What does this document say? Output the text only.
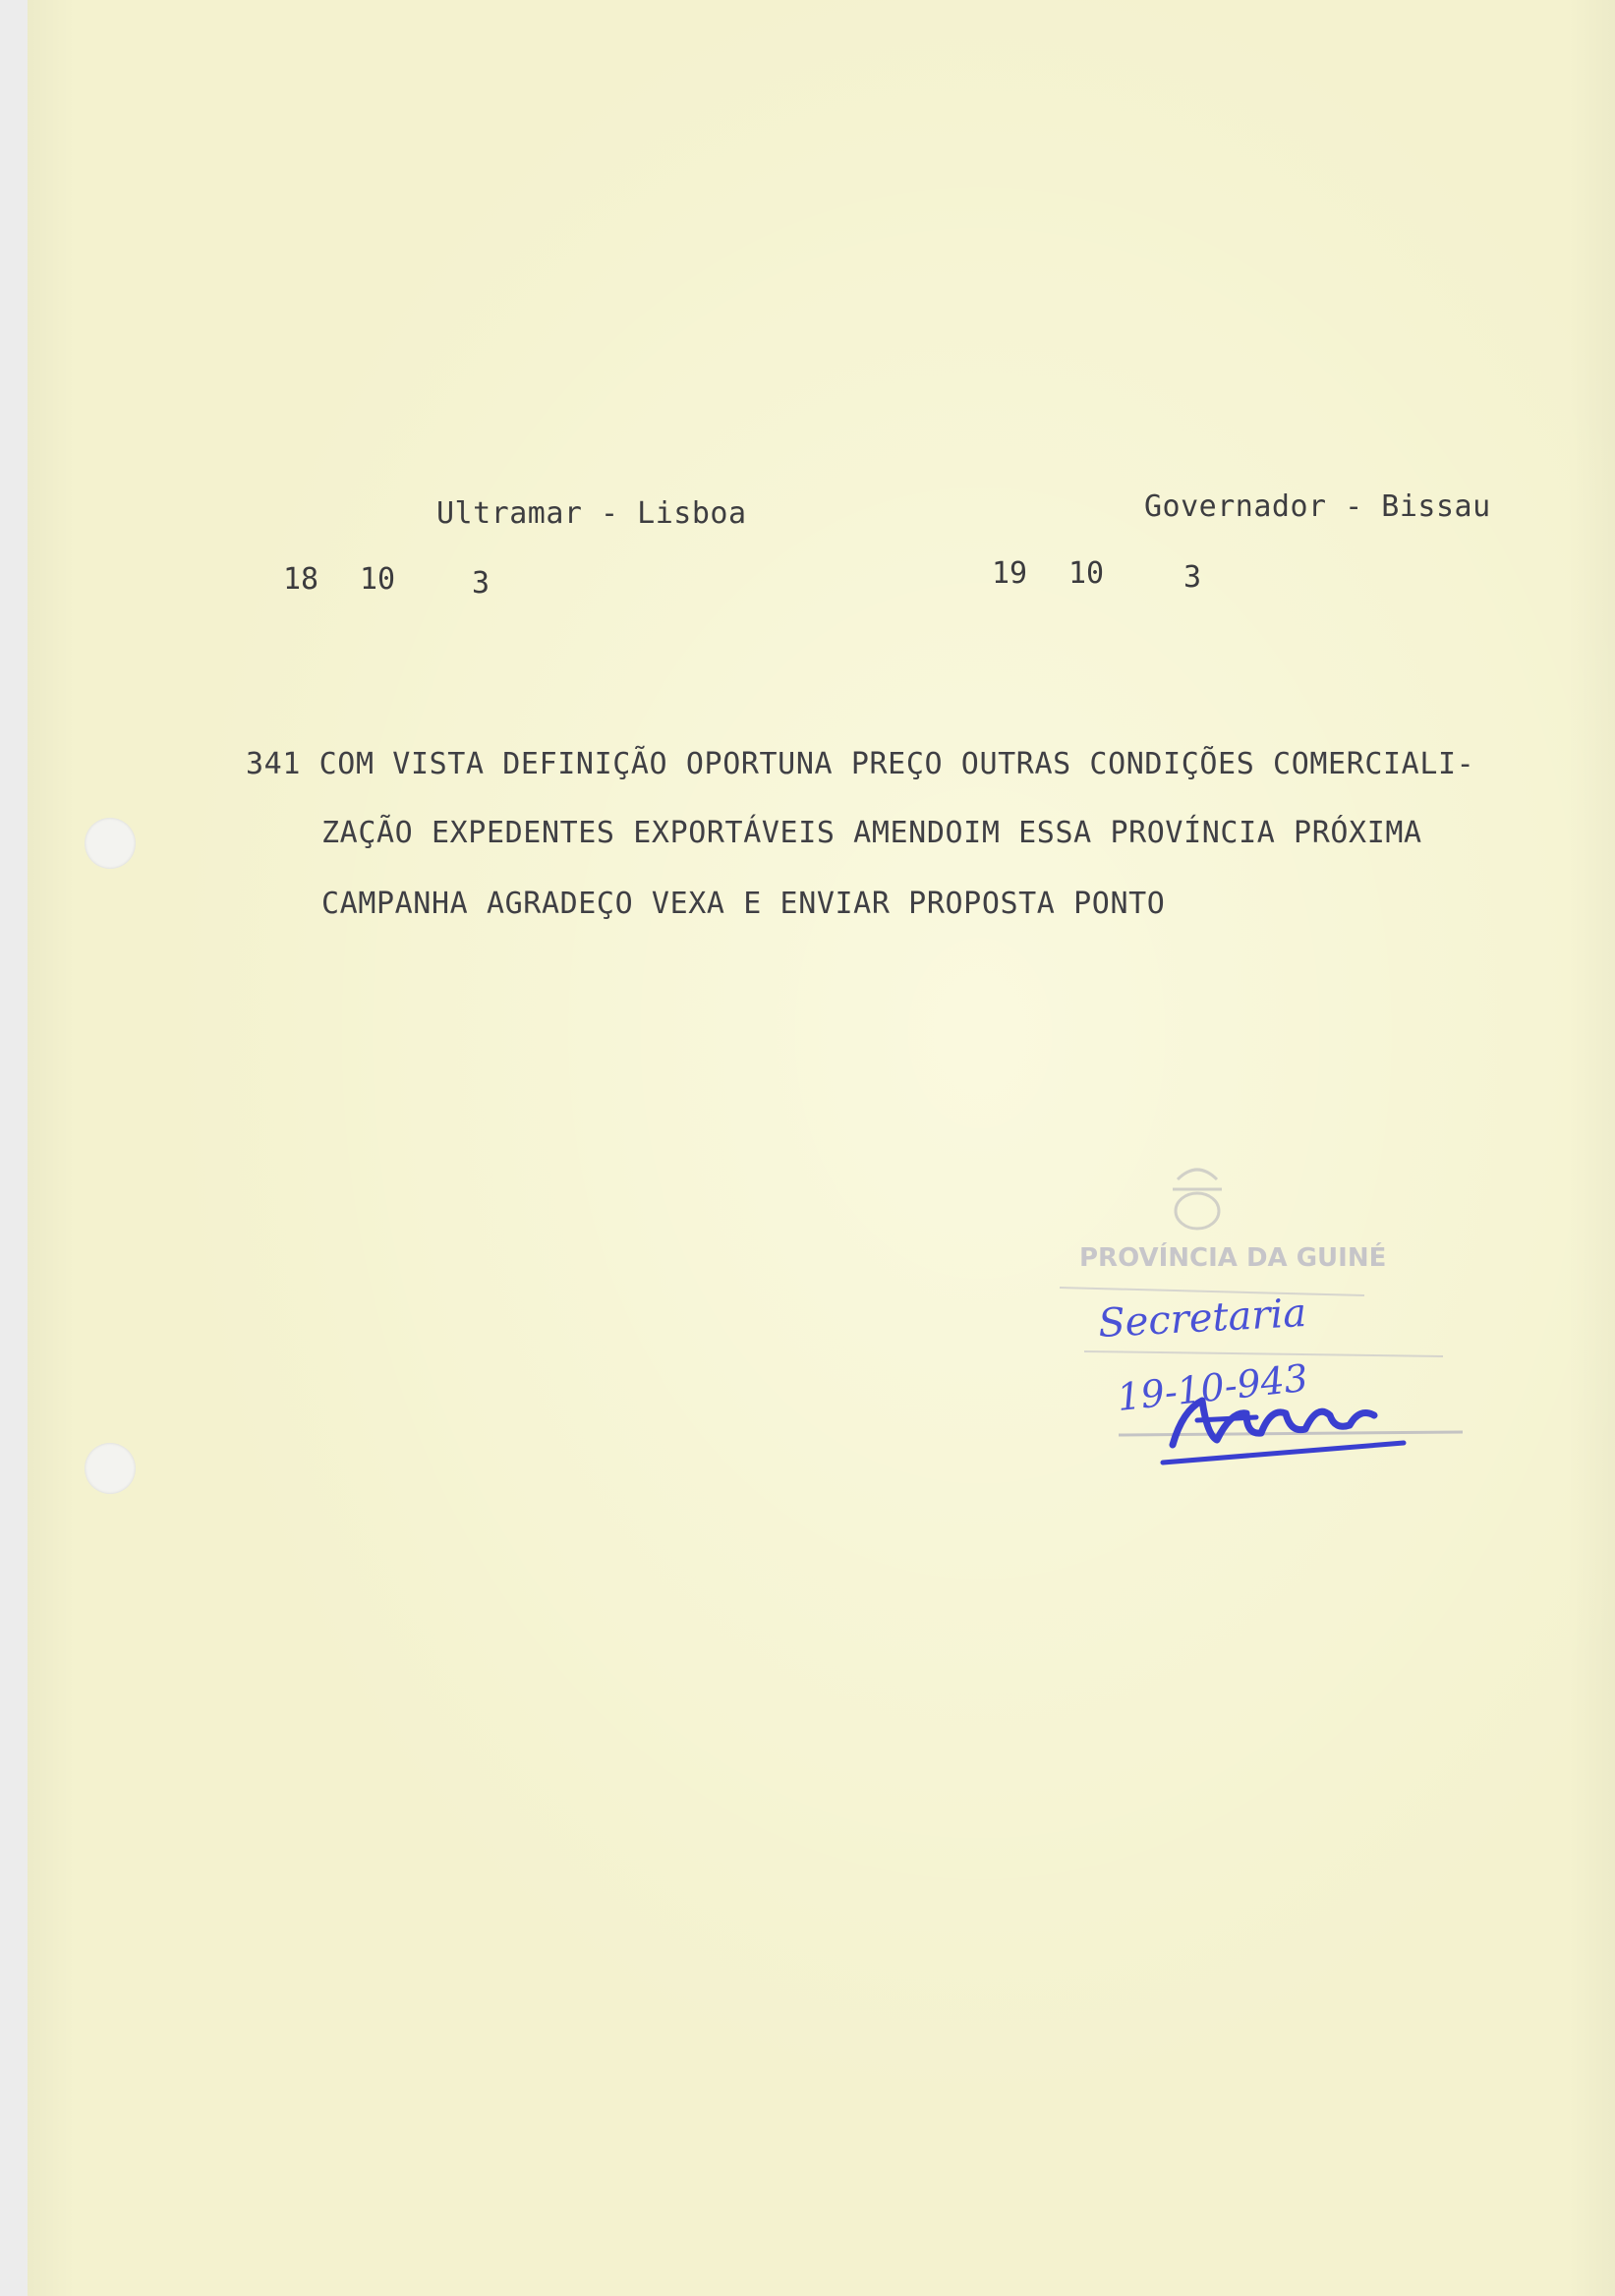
Ultramar - Lisboa	Governador - Bissau
18 10	3	19 10	3
341 COM VISTA DEFINIÇÃO OPORTUNA PREÇO OUTRAS CONDIÇÕES COMERCIALI-
ZAÇÃO EXPEDENTES EXPORTÁVEIS AMENDOIM ESSA PROVÍNCIA PRÓXIMA
CAMPANHA AGRADEÇO VEXA E ENVIAR PROPOSTA PONTO
PROVÍNCIA DA GUINÉ
Secretaria
19-10-943
